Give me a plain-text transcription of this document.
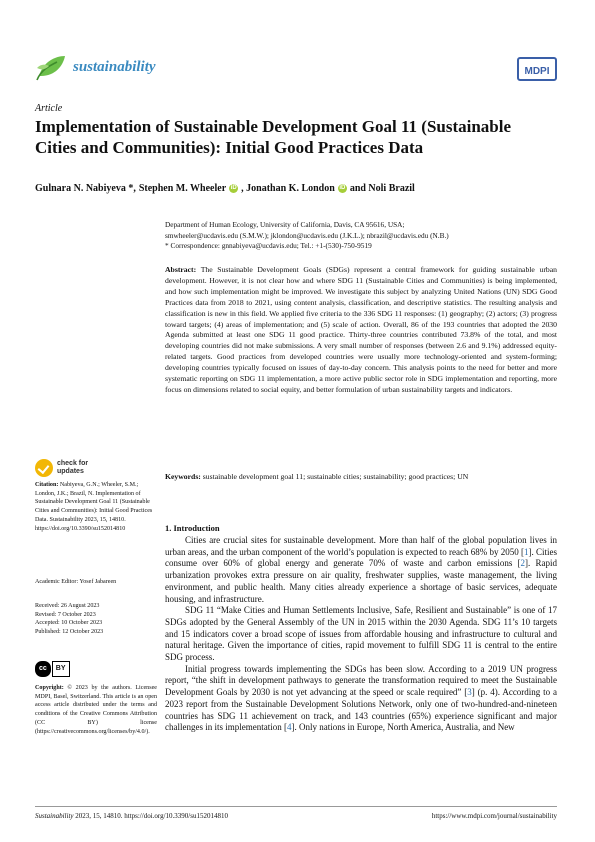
sustainability	MDPI
Article
Implementation of Sustainable Development Goal 11 (Sustainable Cities and Communities): Initial Good Practices Data
Gulnara N. Nabiyeva *, Stephen M. Wheeler iD , Jonathan K. London iD and Noli Brazil
Department of Human Ecology, University of California, Davis, CA 95616, USA;
smwheeler@ucdavis.edu (S.M.W.); jklondon@ucdavis.edu (J.K.L.); nbrazil@ucdavis.edu (N.B.)
* Correspondence: gnnabiyeva@ucdavis.edu; Tel.: +1-(530)-750-9519
Abstract: The Sustainable Development Goals (SDGs) represent a central framework for guiding sustainable urban development. However, it is not clear how and where SDG 11 (Sustainable Cities and Communities) is being implemented, and how such implementation might be improved. We investigate this subject by analyzing United Nations (UN) SDG Good Practices data from 2018 to 2021, using content analysis, classification, and descriptive statistics. The resulting analysis and classification is new in this field. We applied five criteria to the 336 SDG 11 responses: (1) geography; (2) actors; (3) progress toward targets; (4) areas of implementation; and (5) scale of action. Overall, 86 of the 193 countries that adopted the 2030 Agenda submitted at least one SDG 11 good practice. Thirty-three countries contributed 73.8% of the total, and most developing countries did not make submissions. A very small number of responses (between 2.6 and 9.1%) addressed equity-related targets. Good practices from developed countries were usually more technology-oriented and system-forming; developing countries typically focused on issues of day-to-day concern. This analysis points to the need for better and more systematic reporting on SDG 11 implementation, a more active public sector role in SDG implementation and reporting, more focus on dimensions related to social equity, and better formulation of urban sustainability targets and indicators.
Keywords: sustainable development goal 11; sustainable cities; sustainability; good practices; UN
check for
updates
Citation: Nabiyeva, G.N.; Wheeler, S.M.; London, J.K.; Brazil, N. Implementation of Sustainable Development Goal 11 (Sustainable Cities and Communities): Initial Good Practices Data. Sustainability 2023, 15, 14810. https://doi.org/10.3390/su152014810
Academic Editor: Yosef Jabareen
Received: 26 August 2023
Revised: 7 October 2023
Accepted: 10 October 2023
Published: 12 October 2023
cc	BY
Copyright: © 2023 by the authors. Licensee MDPI, Basel, Switzerland. This article is an open access article distributed under the terms and conditions of the Creative Commons Attribution (CC BY) license (https://creativecommons.org/licenses/by/4.0/).
1. Introduction

Cities are crucial sites for sustainable development. More than half of the global population lives in urban areas, and the urban component of the world’s population is expected to reach 68% by 2050 [1]. Cities consume over 60% of global energy and generate 70% of waste and carbon emissions [2]. Rapid urbanization provokes extra pressure on air quality, freshwater supplies, waste management, the living environment, and public health. Many cities already experience a shortage of basic services, adequate housing, and infrastructure.

SDG 11 “Make Cities and Human Settlements Inclusive, Safe, Resilient and Sustainable” is one of 17 SDGs adopted by the General Assembly of the UN in 2015 within the 2030 Agenda. SDG 11’s 10 targets and 15 indicators cover a broad scope of issues from affordable housing and infrastructure to cultural and natural heritage. Given the importance of cities, rapid movement to fulfill SDG 11 is central to the entire SDG process.

Initial progress towards implementing the SDGs has been slow. According to a 2019 UN progress report, “the shift in development pathways to generate the transformation required to meet the Sustainable Development Goals by 2030 is not yet advancing at the speed or scale required” [3] (p. 4). According to a 2023 report from the Sustainable Development Solutions Network, only one of two-hundred-and-nineteen countries has SDG 11 achievement on track, and 143 countries (65%) experience significant and major challenges in its implementation [4]. Only nations in Europe, North America, Australia, and New

Sustainability 2023, 15, 14810. https://doi.org/10.3390/su152014810	https://www.mdpi.com/journal/sustainability
